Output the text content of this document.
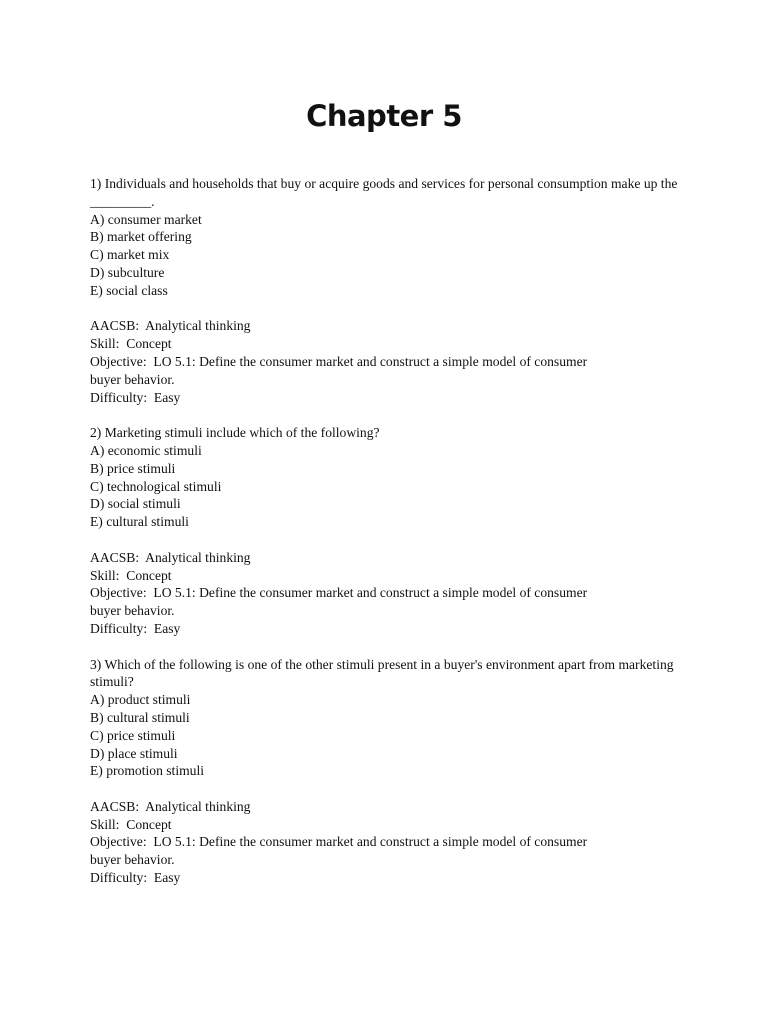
Chapter 5
1) Individuals and households that buy or acquire goods and services for personal consumption make up the _________.
A) consumer market
B) market offering
C) market mix
D) subculture
E) social class
AACSB:  Analytical thinking
Skill:  Concept
Objective:  LO 5.1: Define the consumer market and construct a simple model of consumer
buyer behavior.
Difficulty:  Easy
2) Marketing stimuli include which of the following?
A) economic stimuli
B) price stimuli
C) technological stimuli
D) social stimuli
E) cultural stimuli
AACSB:  Analytical thinking
Skill:  Concept
Objective:  LO 5.1: Define the consumer market and construct a simple model of consumer
buyer behavior.
Difficulty:  Easy
3) Which of the following is one of the other stimuli present in a buyer's environment apart from marketing stimuli?
A) product stimuli
B) cultural stimuli
C) price stimuli
D) place stimuli
E) promotion stimuli
AACSB:  Analytical thinking
Skill:  Concept
Objective:  LO 5.1: Define the consumer market and construct a simple model of consumer
buyer behavior.
Difficulty:  Easy
